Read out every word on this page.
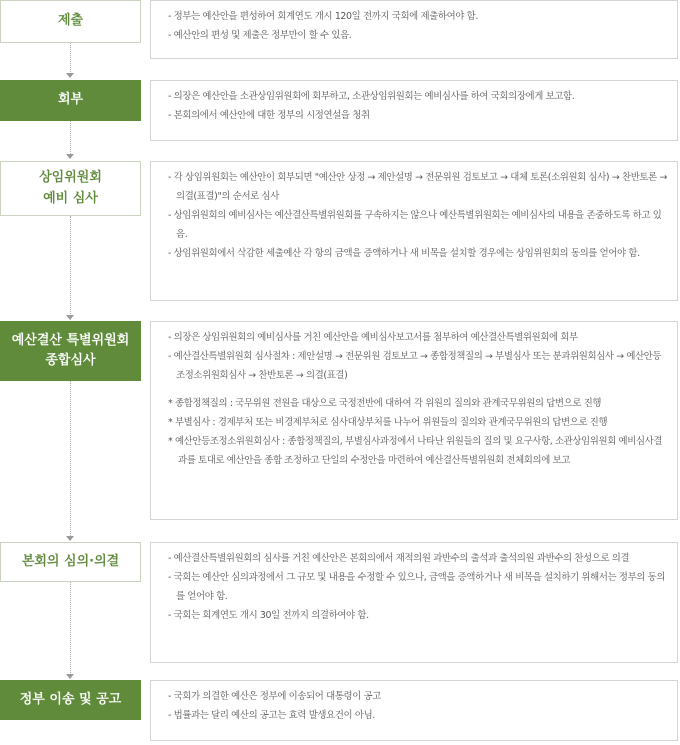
제출	- 정부는 예산안을 편성하여 회계연도 개시 120일 전까지 국회에 제출하여야 함.
- 예산안의 편성 및 제출은 정부만이 할 수 있음.
회부	- 의장은 예산안을 소관상임위원회에 회부하고, 소관상임위원회는 예비심사를 하여 국회의장에게 보고함.
- 본회의에서 예산안에 대한 정부의 시정연설을 청취
상임위원회
예비 심사
- 각 상임위원회는 예산안이 회부되면 "예산안 상정 → 제안설명 → 전문위원 검토보고 → 대체 토론(소위원회 심사) → 찬반토론 → 의결(표결)"의 순서로 심사
- 상임위원회의 예비심사는 예산결산특별위원회를 구속하지는 않으나 예산특별위원회는 예비심사의 내용을 존중하도록 하고 있음.
- 상임위원회에서 삭감한 세출예산 각 항의 금액을 증액하거나 새 비목을 설치할 경우에는 상임위원회의 동의를 얻어야 함.
예산결산 특별위원회
종합심사
- 의장은 상임위원회의 예비심사를 거친 예산안을 예비심사보고서를 첨부하여 예산결산특별위원회에 회부
- 예산결산특별위원회 심사절차 : 제안설명 → 전문위원 검토보고 → 종합정책질의 → 부별심사 또는 분과위원회심사 → 예산안등조정소위원회심사 → 찬반토론 → 의결(표결)
* 종합정책질의 : 국무위원 전원을 대상으로 국정전반에 대하여 각 위원의 질의와 관계국무위원의 답변으로 진행
* 부별심사 : 경제부처 또는 비경제부처로 심사대상부처를 나누어 위원들의 질의와 관계국무위원의 답변으로 진행
* 예산안등조정소위원회심사 : 종합정책질의, 부별심사과정에서 나타난 위원들의 질의 및 요구사항, 소관상임위원회 예비심사결과를 토대로 예산안을 종합 조정하고 단일의 수정안을 마련하여 예산결산특별위원회 전체회의에 보고
본회의 심의·의결	- 예산결산특별위원회의 심사를 거친 예산안은 본회의에서 재적의원 과반수의 출석과 출석의원 과반수의 찬성으로 의결
- 국회는 예산안 심의과정에서 그 규모 및 내용을 수정할 수 있으나, 금액을 증액하거나 새 비목을 설치하기 위해서는 정부의 동의를 얻어야 함.
- 국회는 회계연도 개시 30일 전까지 의결하여야 함.
정부 이송 및 공고	- 국회가 의결한 예산은 정부에 이송되어 대통령이 공고
- 법률과는 달리 예산의 공고는 효력 발생요건이 아님.
